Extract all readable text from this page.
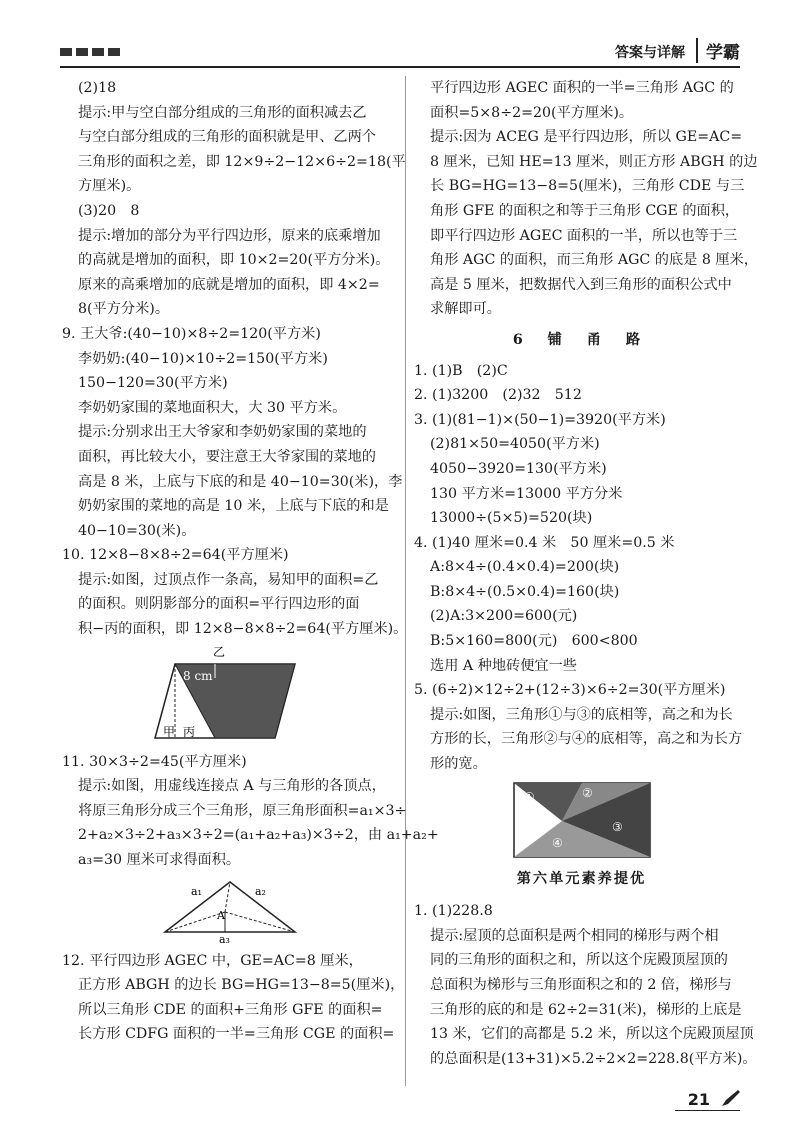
答案与详解	学霸
(2)18
提示:甲与空白部分组成的三角形的面积减去乙
与空白部分组成的三角形的面积就是甲、乙两个
三角形的面积之差，即 12×9÷2−12×6÷2=18(平
方厘米)。
(3)20　8
提示:增加的部分为平行四边形，原来的底乘增加
的高就是增加的面积，即 10×2=20(平方分米)。
原来的高乘增加的底就是增加的面积，即 4×2=
8(平方分米)。
9. 王大爷:(40−10)×8÷2=120(平方米)
李奶奶:(40−10)×10÷2=150(平方米)
150−120=30(平方米)
李奶奶家围的菜地面积大，大 30 平方米。
提示:分别求出王大爷家和李奶奶家围的菜地的
面积，再比较大小，要注意王大爷家围的菜地的
高是 8 米，上底与下底的和是 40−10=30(米)，李
奶奶家围的菜地的高是 10 米，上底与下底的和是
40−10=30(米)。
10. 12×8−8×8÷2=64(平方厘米)
提示:如图，过顶点作一条高，易知甲的面积=乙
的面积。则阴影部分的面积=平行四边形的面
积−丙的面积，即 12×8−8×8÷2=64(平方厘米)。
乙
8 cm
甲 丙
11. 30×3÷2=45(平方厘米)
提示:如图，用虚线连接点 A 与三角形的各顶点，
将原三角形分成三个三角形，原三角形面积=a₁×3÷
2+a₂×3÷2+a₃×3÷2=(a₁+a₂+a₃)×3÷2，由 a₁+a₂+
a₃=30 厘米可求得面积。
a₁	a₂
a₃
A
12. 平行四边形 AGEC 中，GE=AC=8 厘米，
正方形 ABGH 的边长 BG=HG=13−8=5(厘米)，
所以三角形 CDE 的面积+三角形 GFE 的面积=
长方形 CDFG 面积的一半=三角形 CGE 的面积=
平行四边形 AGEC 面积的一半=三角形 AGC 的
面积=5×8÷2=20(平方厘米)。
提示:因为 ACEG 是平行四边形，所以 GE=AC=
8 厘米，已知 HE=13 厘米，则正方形 ABGH 的边
长 BG=HG=13−8=5(厘米)，三角形 CDE 与三
角形 GFE 的面积之和等于三角形 CGE 的面积，
即平行四边形 AGEC 面积的一半，所以也等于三
角形 AGC 的面积，而三角形 AGC 的底是 8 厘米，
高是 5 厘米，把数据代入到三角形的面积公式中
求解即可。
6 铺 甬 路
1. (1)B　(2)C
2. (1)3200　(2)32　512
3. (1)(81−1)×(50−1)=3920(平方米)
(2)81×50=4050(平方米)
4050−3920=130(平方米)
130 平方米=13000 平方分米
13000÷(5×5)=520(块)
4. (1)40 厘米=0.4 米　50 厘米=0.5 米
A:8×4÷(0.4×0.4)=200(块)
B:8×4÷(0.5×0.4)=160(块)
(2)A:3×200=600(元)
B:5×160=800(元)　600<800
选用 A 种地砖便宜一些
5. (6÷2)×12÷2+(12÷3)×6÷2=30(平方厘米)
提示:如图，三角形①与③的底相等，高之和为长
方形的长，三角形②与④的底相等，高之和为长方
形的宽。
①	②
③
④
第六单元素养提优
1. (1)228.8
提示:屋顶的总面积是两个相同的梯形与两个相
同的三角形的面积之和，所以这个庑殿顶屋顶的
总面积为梯形与三角形面积之和的 2 倍，梯形与
三角形的底的和是 62÷2=31(米)，梯形的上底是
13 米，它们的高都是 5.2 米，所以这个庑殿顶屋顶
的总面积是(13+31)×5.2÷2×2=228.8(平方米)。
21
